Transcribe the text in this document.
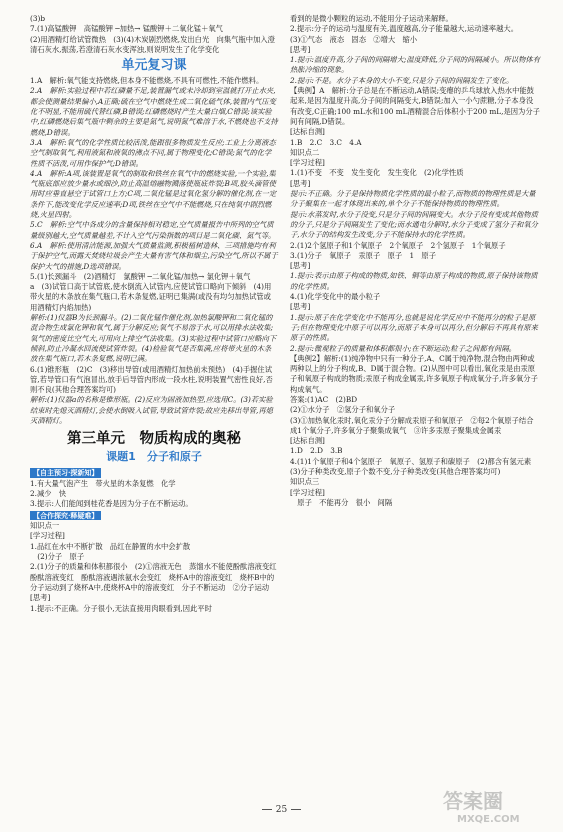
(3)b

7.(1)高锰酸钾　高锰酸钾 ─加热→ 锰酸钾＋二氧化锰＋氧气

(2)用酒精灯给试管微热　(3)(4)木炭剧烈燃烧,发出白光　向集气瓶中加入澄清石灰水,振荡,若澄清石灰水变浑浊,则说明发生了化学变化

单元复习课

1.A　解析:氧气能支持燃烧,但本身不能燃烧,不具有可燃性,不能作燃料。

2.A　解析:实验过程中若红磷量不足,装置漏气或未冷却到室温就打开止水夹,都会使测量结果偏小,A正确;硫在空气中燃烧生成二氧化硫气体,装置内气压变化不明显,不能用硫代替红磷,B错误;红磷燃烧时产生大量白烟,C错误;该实验中,红磷燃烧后集气瓶中剩余的主要是氮气,说明氮气难溶于水,不燃烧也不支持燃烧,D错误。

3.A　解析:氧气的化学性质比较活泼,能跟很多物质发生反应;工业上分离液态空气制取氧气,利用液氮和液氧的沸点不同,属于物理变化;C错误;氮气的化学性质不活泼,可用作保护气;D错误。

4.A　解析:A项,该装置是氧气的制取和铁丝在氧气中的燃烧实验,一个实验,集气瓶底部应放少量水或细沙,防止高温熔融物溅落使瓶底炸裂;B项,胶头滴管使用时应垂直悬空于试管口上方;C项,二氧化锰是过氧化氢分解的催化剂,在一定条件下,能改变化学反应速率;D项,铁丝在空气中不能燃烧,只在纯氧中剧烈燃烧,火星四射。

5.C　解析:空气中各成分的含量保持相对稳定,空气质量报告中所列的空气质量级别越大,空气质量越差,不计入空气污染指数的项目是二氧化碳、氮气等。

6.A　解析:使用清洁能源,加强大气质量监测,积极植树造林、三项措施均有利于保护空气,而露天焚烧垃圾会产生大量有害气体和烟尘,污染空气,所以不属于保护大气的措施,D选项错误。

5.(1)长颈漏斗　(2)酒精灯　氯酸钾 ─二氧化锰/加热→ 氯化钾＋氧气

a　(3)试管口高于试管底,使水倒流入试管内,应使试管口略向下倾斜　(4)用带火星的木条放在集气瓶口,若木条复燃,证明已集满(或没有均匀加热试管或用酒精灯内焰加热)

解析:(1)仪器B为长颈漏斗。(2)二氧化锰作催化剂,加热氯酸钾和二氧化锰的混合物生成氯化钾和氧气,属于分解反应;氧气不易溶于水,可以用排水法收集;氧气的密度比空气大,可用向上排空气法收集。(3)实验过程中试管口应略向下倾斜,防止冷凝水回流使试管炸裂。(4)检验氧气是否集满,应将带火星的木条放在集气瓶口,若木条复燃,说明已满。

6.(1)锥形瓶　(2)C　(3)移出导管(或用酒精灯加热前未预热)　(4)手握住试管,若导管口有气泡冒出,放手后导管内形成一段水柱,说明装置气密性良好,否则不良(其他合理答案均可)

解析:(1)仪器a的名称是锥形瓶。(2)反应为固液加热型,应选用C。(3)若实验结束时先熄灭酒精灯,会使水倒吸入试管,导致试管炸裂;故应先移出导管,再熄灭酒精灯。

第三单元　物质构成的奥秘
课题1　分子和原子
【自主预习·探新知】

1.有大量气泡产生　带火星的木条复燃　化学

2.减少　快

3.提示:人们能闻到桂花香是因为分子在不断运动。

【合作探究·释疑难】

知识点一

[学习过程]

1.品红在水中不断扩散　品红在静置的水中会扩散

　(2)分子　原子

2.(1)分子的质量和体积都很小　(2)①溶液无色　蒸馏水不能使酚酞溶液变红　酚酞溶液变红　酚酞溶液遇浓氨水会变红　烧杯A中的溶液变红　烧杯B中的分子运动到了烧杯A中,使烧杯A中的溶液变红　分子不断运动　②分子运动

[思考]

1.提示:不正确。分子很小,无法直接用肉眼看到,因此平时

看到的是微小颗粒的运动,不能用分子运动来解释。

2.提示:分子的运动与温度有关,温度越高,分子能量越大,运动速率越大。

(3)①气态　液态　固态　②增大　缩小

[思考]

1.提示:温度升高,分子间的间隔增大;温度降低,分子间的间隔减小。所以物体有热胀冷缩的现象。

2.提示:不是。水分子本身的大小不变,只是分子间的间隔发生了变化。

【典例】A　解析:分子总是在不断运动,A错误;变瘪的乒乓球放入热水中能鼓起来,是因为温度升高,分子间的间隔变大,B错误;加入一小勺蔗糖,分子本身没有改变,C正确;100 mL水和100 mL酒精混合后体积小于200 mL,是因为分子间有间隔,D错误。

[达标自测]

1.B　2.C　3.C　4.A

知识点二

[学习过程]

1.(1)不变　不变　发生变化　发生变化　(2)化学性质

[思考]

提示:不正确。分子是保持物质化学性质的最小粒子,而物质的物理性质是大量分子聚集在一起才体现出来的,单个分子不能保持物质的物理性质。

提示:水蒸发时,水分子没变,只是分子间的间隔变大。水分子没有变成其他物质的分子,只是分子间隔发生了变化;而水通电分解时,水分子变成了氢分子和氧分子,水分子的结构发生改变,分子不能保持水的化学性质。

2.(1)2个氢原子和1个氧原子　2个氧原子　2个氢原子　1个氧原子

3.(1)分子　氧原子　汞原子　原子　1　原子

[思考]

1.提示:表示由原子构成的物质,如铁、铜等由原子构成的物质,原子保持该物质的化学性质。

4.(1)化学变化中的最小粒子

[思考]

1.提示:原子在化学变化中不能再分,也就是说化学反应中不能再分的粒子是原子;但在物理变化中原子可以再分,而原子本身可以再分,但分解后不再具有原来原子的性质。

2.提示:微观粒子的质量和体积都很小;在不断运动;粒子之间都有间隔。

【典例2】解析:(1)纯净物中只有一种分子,A、C属于纯净物,混合物由两种或两种以上的分子构成,B、D属于混合物。(2)从图中可以看出,氧化汞是由汞原子和氧原子构成的物质;汞原子构成金属汞,许多氧原子构成氧分子,许多氧分子构成氧气。

答案:(1)AC　(2)BD

(2)①水分子　②氢分子和氧分子

(3)①加热氧化汞时,氧化汞分子分解成汞原子和氧原子　②每2个氧原子结合成1个氧分子,许多氧分子聚集成氧气　③许多汞原子聚集成金属汞

[达标自测]

1.D　2.D　3.B

4.(1)1个氧原子和4个氢原子　氧原子、氢原子和碳原子　(2)都含有氢元素　(3)分子种类改变,原子个数不变,分子种类改变(其他合理答案均可)

知识点三

[学习过程]

　原子　不能再分　很小　间隔

25	答案圈
MXQE.COM
